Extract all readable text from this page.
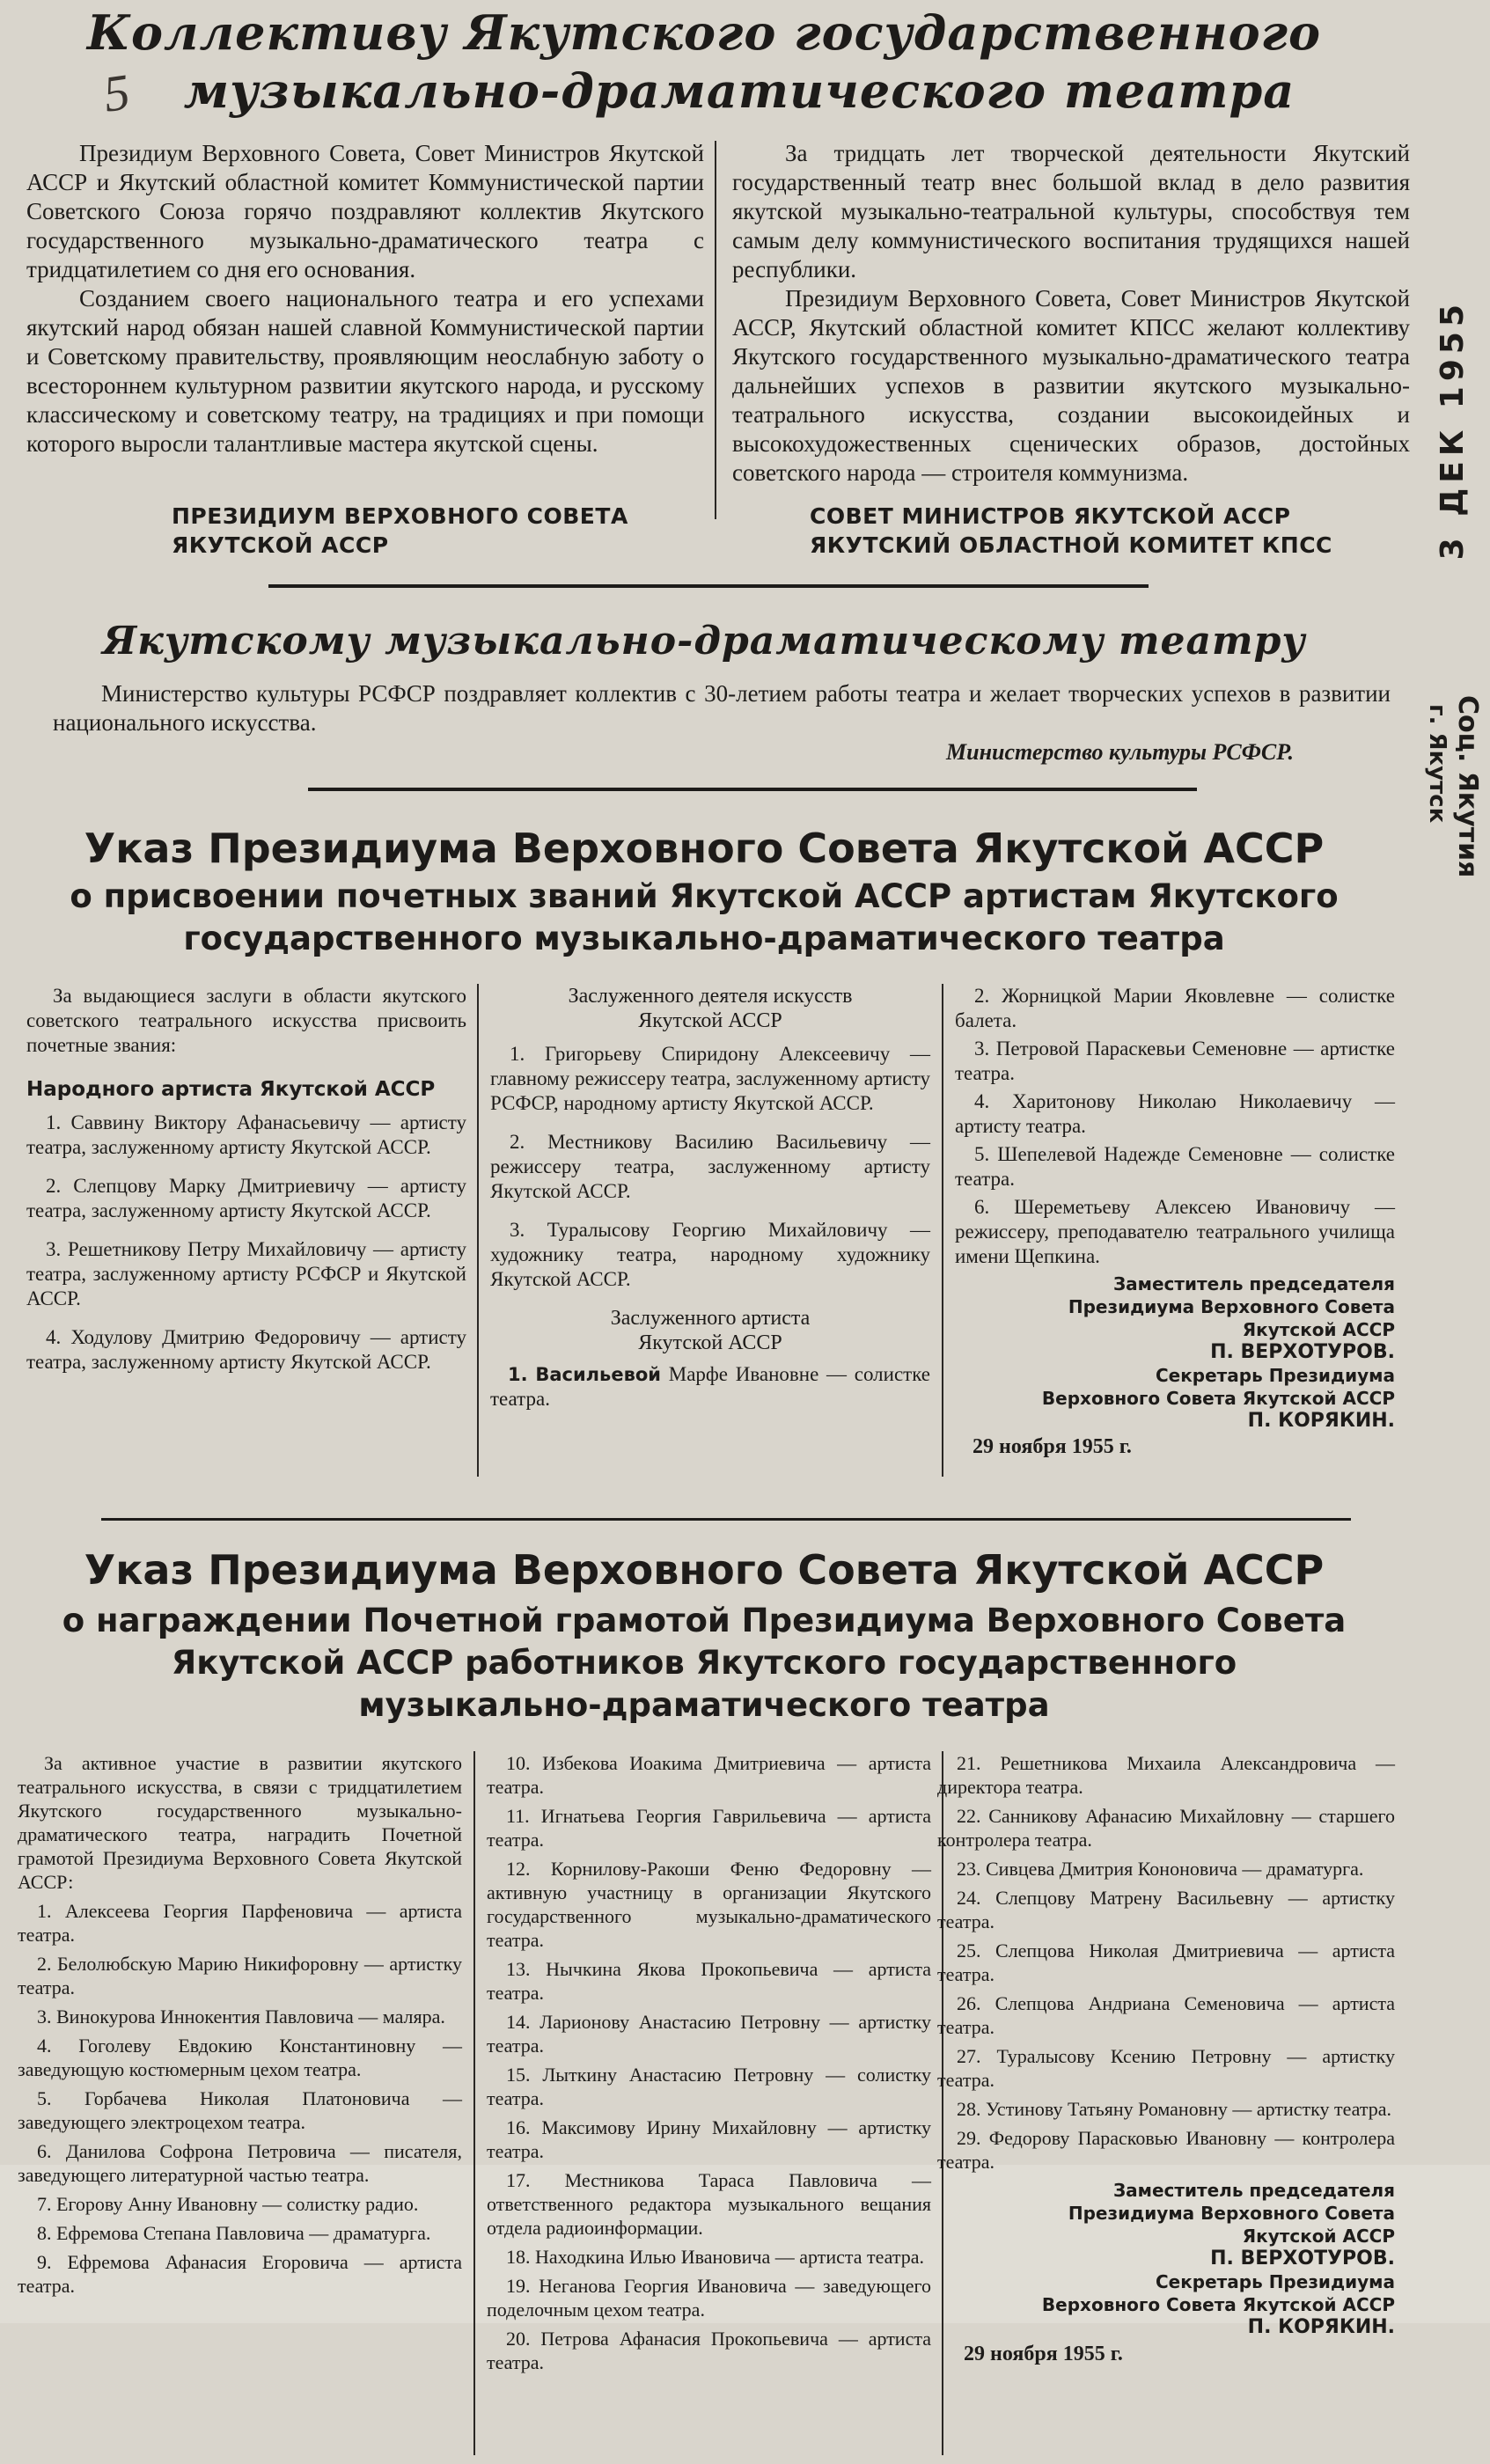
5
Коллективу Якутского государственного
музыкально-драматического театра

Президиум Верховного Совета, Совет Министров Якутской АССР и Якутский областной комитет Коммунистической партии Советского Союза горячо поздравляют коллектив Якутского государственного музыкально-драматического театра с тридцатилетием со дня его основания.

Созданием своего национального театра и его успехами якутский народ обязан нашей славной Коммунистической партии и Советскому правительству, проявляющим неослабную заботу о всестороннем культурном развитии якутского народа, и русскому классическому и советскому театру, на традициях и при помощи которого выросли талантливые мастера якутской сцены.

За тридцать лет творческой деятельности Якутский государственный театр внес большой вклад в дело развития якутской музыкально-театральной культуры, способствуя тем самым делу коммунистического воспитания трудящихся нашей республики.

Президиум Верховного Совета, Совет Министров Якутской АССР, Якутский областной комитет КПСС желают коллективу Якутского государственного музыкально-драматического театра дальнейших успехов в развитии якутского музыкально-театрального искусства, создании высокоидейных и высокохудожественных сценических образов, достойных советского народа — строителя коммунизма.

ПРЕЗИДИУМ ВЕРХОВНОГО СОВЕТА
ЯКУТСКОЙ АССР
СОВЕТ МИНИСТРОВ ЯКУТСКОЙ АССР
ЯКУТСКИЙ ОБЛАСТНОЙ КОМИТЕТ КПСС
Якутскому музыкально-драматическому театру

Министерство культуры РСФСР поздравляет коллектив с 30-летием работы театра и желает творческих успехов в развитии национального искусства.

Министерство культуры РСФСР.
Указ Президиума Верховного Совета Якутской АССР
о присвоении почетных званий Якутской АССР артистам Якутского
государственного музыкально-драматического театра

За выдающиеся заслуги в области якутского советского театрального искусства присвоить почетные звания:

Народного артиста Якутской АССР
1. Саввину Виктору Афанасьевичу — артисту театра, заслуженному артисту Якутской АССР.
2. Слепцову Марку Дмитриевичу — артисту театра, заслуженному артисту Якутской АССР.
3. Решетникову Петру Михайловичу — артисту театра, заслуженному артисту РСФСР и Якутской АССР.
4. Ходулову Дмитрию Федоровичу — артисту театра, заслуженному артисту Якутской АССР.
Заслуженного деятеля искусств
Якутской АССР
1. Григорьеву Спиридону Алексеевичу — главному режиссеру театра, заслуженному артисту РСФСР, народному артисту Якутской АССР.
2. Местникову Василию Васильевичу — режиссеру театра, заслуженному артисту Якутской АССР.
3. Туралысову Георгию Михайловичу — художнику театра, народному художнику Якутской АССР.
Заслуженного артиста
Якутской АССР
1. Васильевой Марфе Ивановне — солистке театра.
2. Жорницкой Марии Яковлевне — солистке балета.
3. Петровой Параскевьи Семеновне — артистке театра.
4. Харитонову Николаю Николаевичу — артисту театра.
5. Шепелевой Надежде Семеновне — солистке театра.
6. Шереметьеву Алексею Ивановичу — режиссеру, преподавателю театрального училища имени Щепкина.
Заместитель председателя
Президиума Верховного Совета
Якутской АССР
П. ВЕРХОТУРОВ.
Секретарь Президиума
Верховного Совета Якутской АССР
П. КОРЯКИН.
29 ноября 1955 г.
Указ Президиума Верховного Совета Якутской АССР
о награждении Почетной грамотой Президиума Верховного Совета
Якутской АССР работников Якутского государственного
музыкально-драматического театра

За активное участие в развитии якутского театрального искусства, в связи с тридцатилетием Якутского государственного музыкально-драматического театра, наградить Почетной грамотой Президиума Верховного Совета Якутской АССР:

1. Алексеева Георгия Парфеновича — артиста театра.
2. Белолюбскую Марию Никифоровну — артистку театра.
3. Винокурова Иннокентия Павловича — маляра.
4. Гоголеву Евдокию Константиновну — заведующую костюмерным цехом театра.
5. Горбачева Николая Платоновича — заведующего электроцехом театра.
6. Данилова Софрона Петровича — писателя, заведующего литературной частью театра.
7. Егорову Анну Ивановну — солистку радио.
8. Ефремова Степана Павловича — драматурга.
9. Ефремова Афанасия Егоровича — артиста театра.
10. Избекова Иоакима Дмитриевича — артиста театра.
11. Игнатьева Георгия Гаврильевича — артиста театра.
12. Корнилову-Ракоши Феню Федоровну — активную участницу в организации Якутского государственного музыкально-драматического театра.
13. Нычкина Якова Прокопьевича — артиста театра.
14. Ларионову Анастасию Петровну — артистку театра.
15. Лыткину Анастасию Петровну — солистку театра.
16. Максимову Ирину Михайловну — артистку театра.
17. Местникова Тараса Павловича — ответственного редактора музыкального вещания отдела радиоинформации.
18. Находкина Илью Ивановича — артиста театра.
19. Неганова Георгия Ивановича — заведующего поделочным цехом театра.
20. Петрова Афанасия Прокопьевича — артиста театра.
21. Решетникова Михаила Александровича — директора театра.
22. Санникову Афанасию Михайловну — старшего контролера театра.
23. Сивцева Дмитрия Кононовича — драматурга.
24. Слепцову Матрену Васильевну — артистку театра.
25. Слепцова Николая Дмитриевича — артиста театра.
26. Слепцова Андриана Семеновича — артиста театра.
27. Туралысову Ксению Петровну — артистку театра.
28. Устинову Татьяну Романовну — артистку театра.
29. Федорову Парасковью Ивановну — контролера театра.
Заместитель председателя
Президиума Верховного Совета
Якутской АССР
П. ВЕРХОТУРОВ.
Секретарь Президиума
Верховного Совета Якутской АССР
П. КОРЯКИН.
29 ноября 1955 г.
3 ДЕК 1955
Соц. Якутия
г. Якутск
